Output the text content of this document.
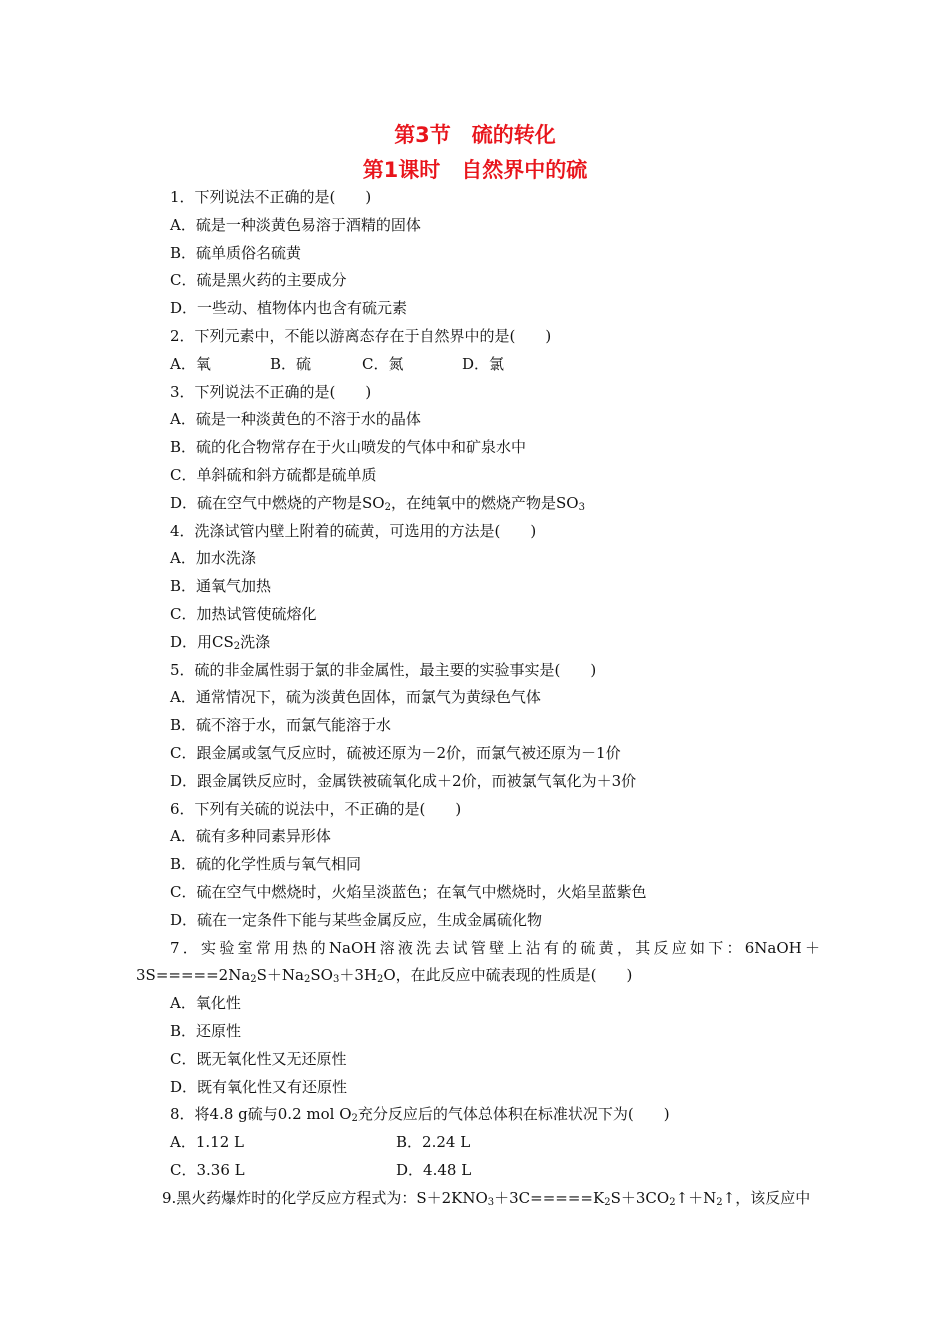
第3节　硫的转化
第1课时　自然界中的硫
1．下列说法不正确的是(　　)
A．硫是一种淡黄色易溶于酒精的固体
B．硫单质俗名硫黄
C．硫是黑火药的主要成分
D．一些动、植物体内也含有硫元素
2．下列元素中，不能以游离态存在于自然界中的是(　　)
A．氧	B．硫	C．氮	D．氯
3．下列说法不正确的是(　　)
A．硫是一种淡黄色的不溶于水的晶体
B．硫的化合物常存在于火山喷发的气体中和矿泉水中
C．单斜硫和斜方硫都是硫单质
D．硫在空气中燃烧的产物是$SO_2$，在纯氧中的燃烧产物是$SO_3$
4．洗涤试管内壁上附着的硫黄，可选用的方法是(　　)
A．加水洗涤
B．通氧气加热
C．加热试管使硫熔化
D．用$CS_2$洗涤
5．硫的非金属性弱于氯的非金属性，最主要的实验事实是(　　)
A．通常情况下，硫为淡黄色固体，而氯气为黄绿色气体
B．硫不溶于水，而氯气能溶于水
C．跟金属或氢气反应时，硫被还原为－2价，而氯气被还原为－1价
D．跟金属铁反应时，金属铁被硫氧化成＋2价，而被氯气氧化为＋3价
6．下列有关硫的说法中，不正确的是(　　)
A．硫有多种同素异形体
B．硫的化学性质与氧气相同
C．硫在空气中燃烧时，火焰呈淡蓝色；在氧气中燃烧时，火焰呈蓝紫色
D．硫在一定条件下能与某些金属反应，生成金属硫化物
7．实验室常用热的NaOH溶液洗去试管壁上沾有的硫黄，其反应如下：$6NaOH+3S=====2Na_2S+Na_2SO_3+3H_2O$，在此反应中硫表现的性质是(　　)
A．氧化性
B．还原性
C．既无氧化性又无还原性
D．既有氧化性又有还原性
8．将4.8 g硫与0.2 mol $O_2$充分反应后的气体总体积在标准状况下为(　　)
A．1.12 L	B．2.24 L
C．3.36 L	D．4.48 L
9.黑火药爆炸时的化学反应方程式为：$S+2KNO_3+3C=====K_2S+3CO_2↑+N_2↑$，该反应中
